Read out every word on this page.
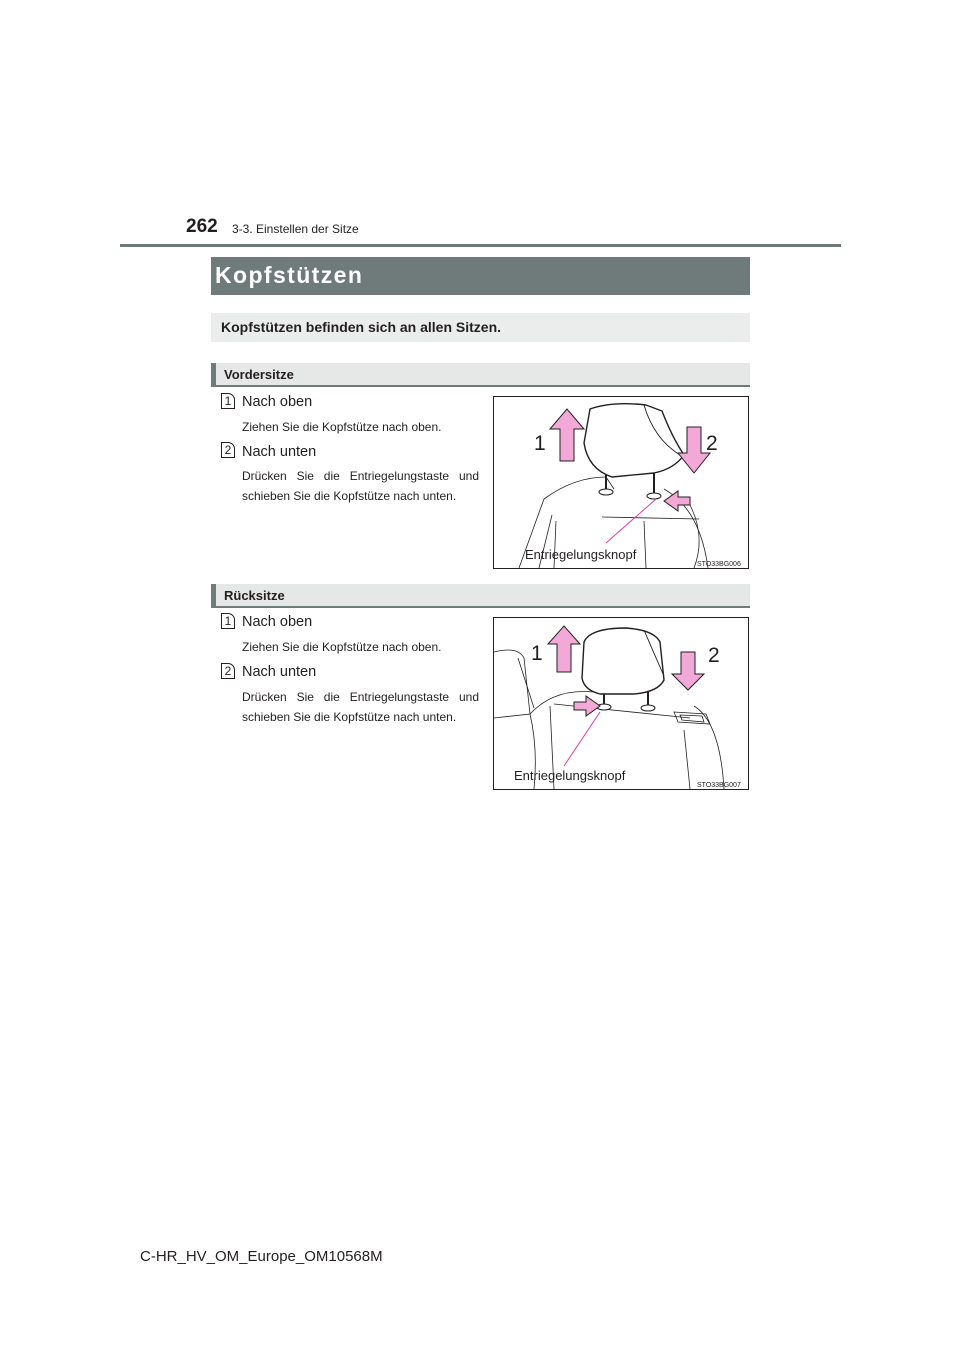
262 3-3. Einstellen der Sitze
Kopfstützen
Kopfstützen befinden sich an allen Sitzen.
Vordersitze
1 Nach oben
Ziehen Sie die Kopfstütze nach oben.
2 Nach unten
Drücken Sie die Entriegelungstaste und schieben Sie die Kopfstütze nach unten.
1	2
Entriegelungsknopf
STO33BG006
Rücksitze
1 Nach oben
Ziehen Sie die Kopfstütze nach oben.
2 Nach unten
Drücken Sie die Entriegelungstaste und schieben Sie die Kopfstütze nach unten.
1	2
Entriegelungsknopf
STO33BG007
C-HR_HV_OM_Europe_OM10568M
